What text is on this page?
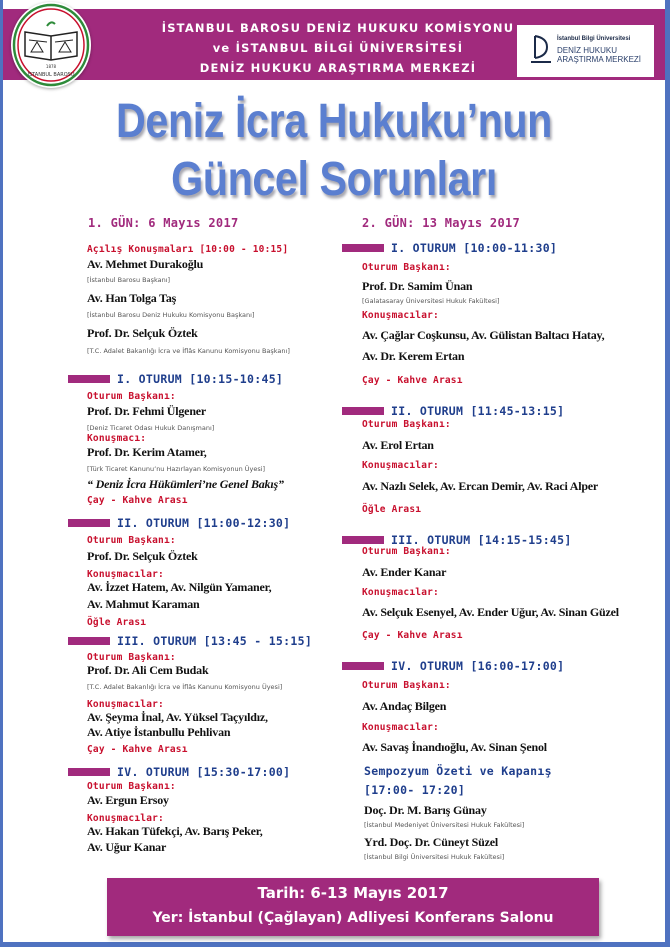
İSTANBUL BAROSU DENİZ HUKUKU KOMİSYONU
ve İSTANBUL BİLGİ ÜNİVERSİTESİ
DENİZ HUKUKU ARAŞTIRMA MERKEZİ
İstanbul Bilgi Üniversitesi
DENİZ HUKUKU
ARAŞTIRMA MERKEZİ
1878
İSTANBUL BAROSU
Deniz İcra Hukuku’nun
Güncel Sorunları
1. GÜN: 6 Mayıs 2017
Açılış Konuşmaları [10:00 - 10:15]
Av. Mehmet Durakoğlu
[İstanbul Barosu Başkanı]
Av. Han Tolga Taş
[İstanbul Barosu Deniz Hukuku Komisyonu Başkanı]
Prof. Dr. Selçuk Öztek
[T.C. Adalet Bakanlığı İcra ve İflâs Kanunu Komisyonu Başkanı]
I. OTURUM [10:15-10:45]
Oturum Başkanı:
Prof. Dr. Fehmi Ülgener
[Deniz Ticaret Odası Hukuk Danışmanı]
Konuşmacı:
Prof. Dr. Kerim Atamer,
[Türk Ticaret Kanunu’nu Hazırlayan Komisyonun Üyesi]
“ Deniz İcra Hükümleri’ne Genel Bakış”
Çay - Kahve Arası
II. OTURUM [11:00-12:30]
Oturum Başkanı:
Prof. Dr. Selçuk Öztek
Konuşmacılar:
Av. İzzet Hatem, Av. Nilgün Yamaner,
Av. Mahmut Karaman
Öğle Arası
III. OTURUM [13:45 - 15:15]
Oturum Başkanı:
Prof. Dr. Ali Cem Budak
[T.C. Adalet Bakanlığı İcra ve İflâs Kanunu Komisyonu Üyesi]
Konuşmacılar:
Av. Şeyma İnal, Av. Yüksel Taçyıldız,
Av. Atiye İstanbullu Pehlivan
Çay - Kahve Arası
IV. OTURUM [15:30-17:00]
Oturum Başkanı:
Av. Ergun Ersoy
Konuşmacılar:
Av. Hakan Tüfekçi, Av. Barış Peker,
Av. Uğur Kanar
2. GÜN: 13 Mayıs 2017
I. OTURUM [10:00-11:30]
Oturum Başkanı:
Prof. Dr. Samim Ünan
[Galatasaray Üniversitesi Hukuk Fakültesi]
Konuşmacılar:
Av. Çağlar Coşkunsu, Av. Gülistan Baltacı Hatay,
Av. Dr. Kerem Ertan
Çay - Kahve Arası
II. OTURUM [11:45-13:15]
Oturum Başkanı:
Av. Erol Ertan
Konuşmacılar:
Av. Nazlı Selek, Av. Ercan Demir, Av. Raci Alper
Öğle Arası
III. OTURUM [14:15-15:45]
Oturum Başkanı:
Av. Ender Kanar
Konuşmacılar:
Av. Selçuk Esenyel, Av. Ender Uğur, Av. Sinan Güzel
Çay - Kahve Arası
IV. OTURUM [16:00-17:00]
Oturum Başkanı:
Av. Andaç Bilgen
Konuşmacılar:
Av. Savaş İnandıoğlu, Av. Sinan Şenol
Sempozyum Özeti ve Kapanış
[17:00- 17:20]
Doç. Dr. M. Barış Günay
[İstanbul Medeniyet Üniversitesi Hukuk Fakültesi]
Yrd. Doç. Dr. Cüneyt Süzel
[İstanbul Bilgi Üniversitesi Hukuk Fakültesi]
Tarih: 6-13 Mayıs 2017
Yer: İstanbul (Çağlayan) Adliyesi Konferans Salonu
